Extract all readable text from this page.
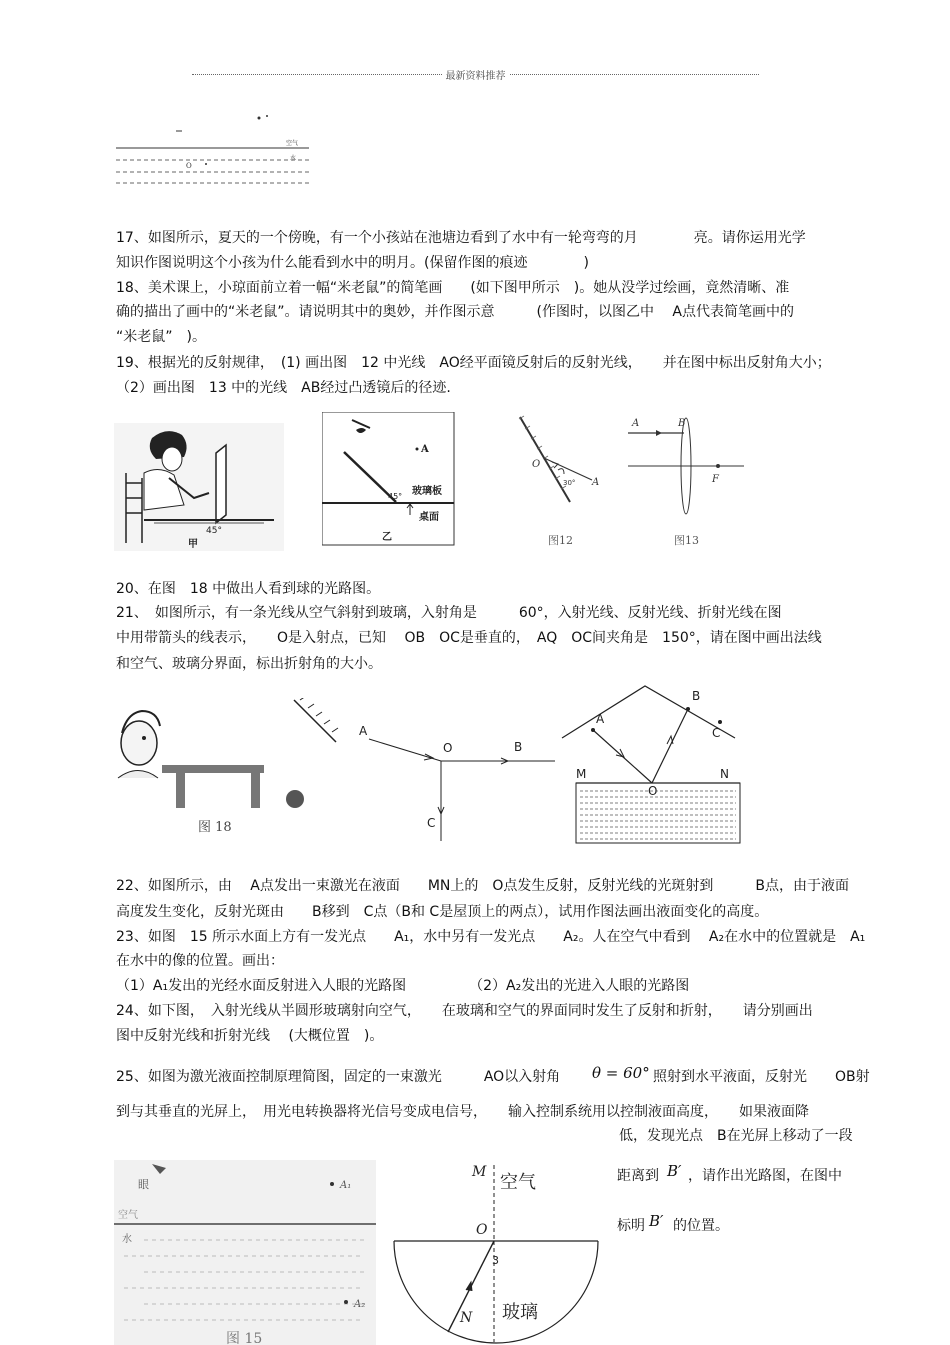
最新资料推荐
空气
O
水
17、如图所示，夏天的一个傍晚，有一个小孩站在池塘边看到了水中有一轮弯弯的月　　　　亮。请你运用光学
知识作图说明这个小孩为什么能看到水中的明月。(保留作图的痕迹　　　　)
18、美术课上，小琼面前立着一幅“米老鼠”的简笔画　　(如下图甲所示　)。她从没学过绘画，竟然清晰、准
确的描出了画中的“米老鼠”。请说明其中的奥妙，并作图示意　　　(作图时，以图乙中　 A点代表简笔画中的
“米老鼠”　)。
19、根据光的反射规律，　(1) 画出图　12 中光线　AO经平面镜反射后的反射光线，　　并在图中标出反射角大小；
（2）画出图　13 中的光线　AB经过凸透镜后的径迹.
45°
甲
A
45° 玻璃板
桌面
乙
O
30° A
图12
A	B
F
图13
20、在图　18 中做出人看到球的光路图。
21、　如图所示，有一条光线从空气斜射到玻璃，入射角是　　　60°，入射光线、反射光线、折射光线在图
中用带箭头的线表示，　　O是入射点，已知　 OB　OC是垂直的，　AQ　OC间夹角是　150°，请在图中画出法线
和空气、玻璃分界面，标出折射角的大小。
图 18
A
O	B
C
B
C
A
M	N
O
22、如图所示，由　 A点发出一束激光在液面　　MN上的　O点发生反射，反射光线的光斑射到　　　B点，由于液面
高度发生变化，反射光斑由　　B移到　C点（B和 C是屋顶上的两点），试用作图法画出液面变化的高度。
23、如图　15 所示水面上方有一发光点　　A₁，水中另有一发光点　　A₂。人在空气中看到　 A₂在水中的位置就是　A₁
在水中的像的位置。画出：
（1）A₁发出的光经水面反射进入人眼的光路图　　　　　（2）A₂发出的光进入人眼的光路图
24、如下图，　入射光线从半圆形玻璃射向空气，　　在玻璃和空气的界面同时发生了反射和折射，　　请分别画出
图中反射光线和折射光线　 (大概位置　)。
25、如图为激光液面控制原理简图，固定的一束激光　　　AO以入射角 θ = 60° 照射到水平液面，反射光　　OB射
到与其垂直的光屏上，　用光电转换器将光信号变成电信号，　　输入控制系统用以控制液面高度，　　如果液面降
低，发现光点　B在光屏上移动了一段
距离到 B′ ，请作出光路图，在图中
标明 B′ 的位置。
眼	A₁
空气
水
A₂
图 15
M 空气
O
3
N 玻璃
